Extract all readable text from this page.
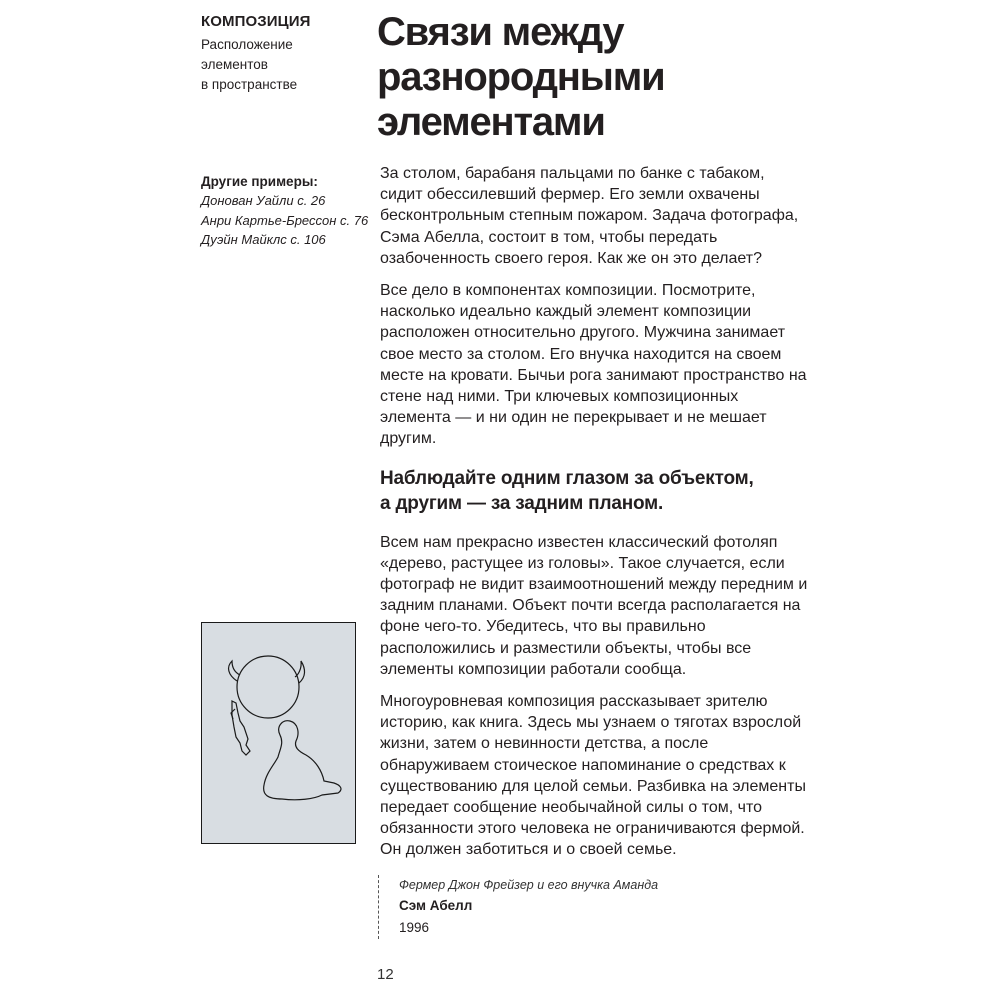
КОМПОЗИЦИЯ
Расположение элементов
в пространстве
Другие примеры:
Донован Уайли с. 26
Анри Картье-Брессон с. 76
Дуэйн Майклс с. 106
Связи между
разнородными
элементами

За столом, барабаня пальцами по банке с табаком, сидит обессилевший фермер. Его земли охвачены бесконтрольным степным пожаром. Задача фотографа, Сэма Абелла, состоит в том, чтобы передать озабоченность своего героя. Как же он это делает?

Все дело в компонентах композиции. Посмотрите, насколько идеально каждый элемент композиции расположен относительно другого. Мужчина занимает свое место за столом. Его внучка находится на своем месте на кровати. Бычьи рога занимают пространство на стене над ними. Три ключевых композиционных элемента — и ни один не перекрывает и не мешает другим.

Наблюдайте одним глазом за объектом,
а другим — за задним планом.

Всем нам прекрасно известен классический фотоляп «дерево, растущее из головы». Такое случается, если фотограф не видит взаимоотношений между передним и задним планами. Объект почти всегда располагается на фоне чего-то. Убедитесь, что вы правильно расположились и разместили объекты, чтобы все элементы композиции работали сообща.

Многоуровневая композиция рассказывает зрителю историю, как книга. Здесь мы узнаем о тяготах взрослой жизни, затем о невинности детства, а после обнаруживаем стоическое напоминание о средствах к существованию для целой семьи. Разбивка на элементы передает сообщение необычайной силы о том, что обязанности этого человека не ограничиваются фермой. Он должен заботиться и о своей семье.

Фермер Джон Фрейзер и его внучка Аманда
Сэм Абелл
1996
12
